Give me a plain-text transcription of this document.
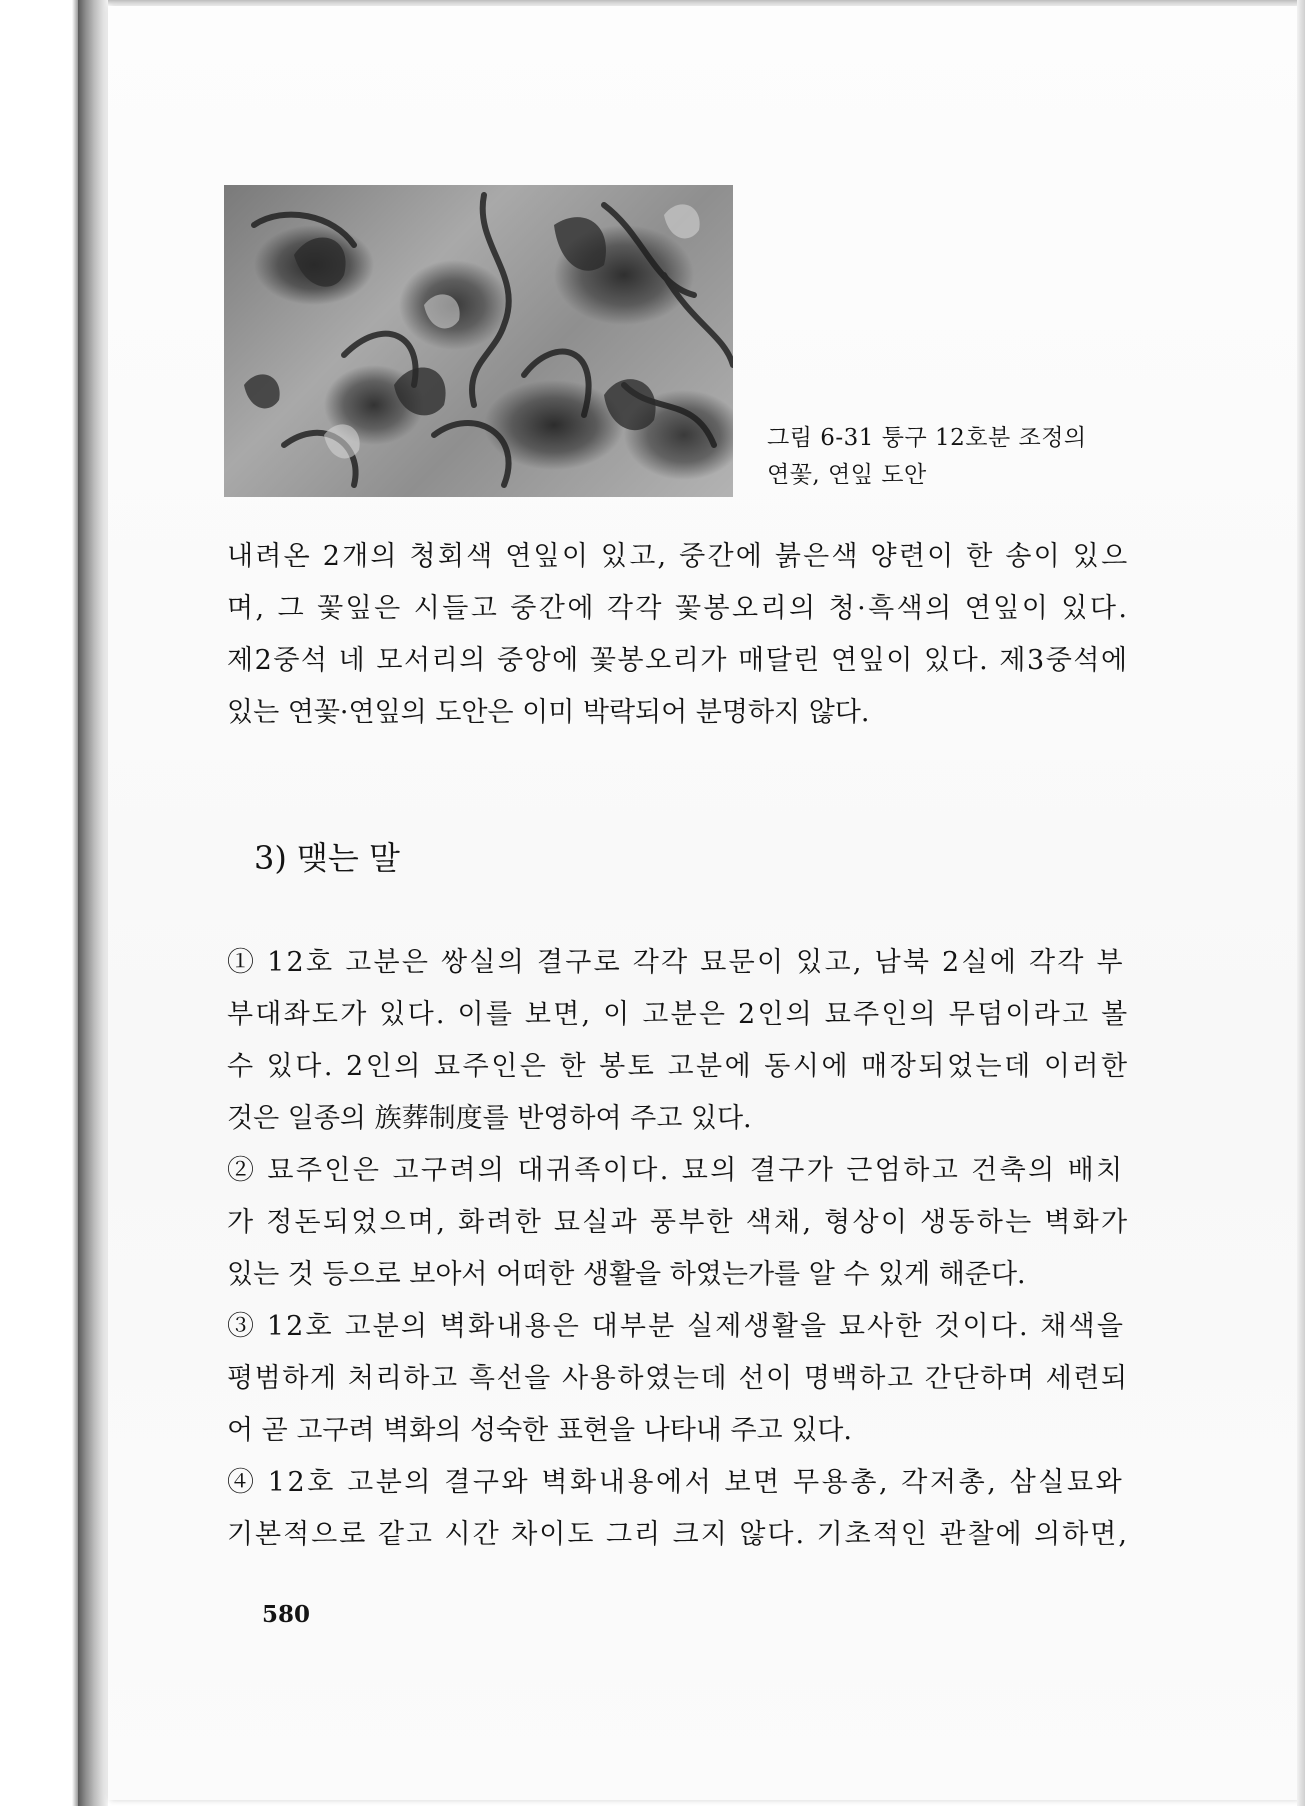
그림 6-31 퉁구 12호분 조정의
연꽃, 연잎 도안
내려온 2개의 청회색 연잎이 있고, 중간에 붉은색 양련이 한 송이 있으
며, 그 꽃잎은 시들고 중간에 각각 꽃봉오리의 청·흑색의 연잎이 있다.
제2중석 네 모서리의 중앙에 꽃봉오리가 매달린 연잎이 있다. 제3중석에
있는 연꽃·연잎의 도안은 이미 박락되어 분명하지 않다.
3) 맺는 말
① 12호 고분은 쌍실의 결구로 각각 묘문이 있고, 남북 2실에 각각 부
부대좌도가 있다. 이를 보면, 이 고분은 2인의 묘주인의 무덤이라고 볼
수 있다. 2인의 묘주인은 한 봉토 고분에 동시에 매장되었는데 이러한
것은 일종의 族葬制度를 반영하여 주고 있다.
② 묘주인은 고구려의 대귀족이다. 묘의 결구가 근엄하고 건축의 배치
가 정돈되었으며, 화려한 묘실과 풍부한 색채, 형상이 생동하는 벽화가
있는 것 등으로 보아서 어떠한 생활을 하였는가를 알 수 있게 해준다.
③ 12호 고분의 벽화내용은 대부분 실제생활을 묘사한 것이다. 채색을
평범하게 처리하고 흑선을 사용하였는데 선이 명백하고 간단하며 세련되
어 곧 고구려 벽화의 성숙한 표현을 나타내 주고 있다.
④ 12호 고분의 결구와 벽화내용에서 보면 무용총, 각저총, 삼실묘와
기본적으로 같고 시간 차이도 그리 크지 않다. 기초적인 관찰에 의하면,
580
